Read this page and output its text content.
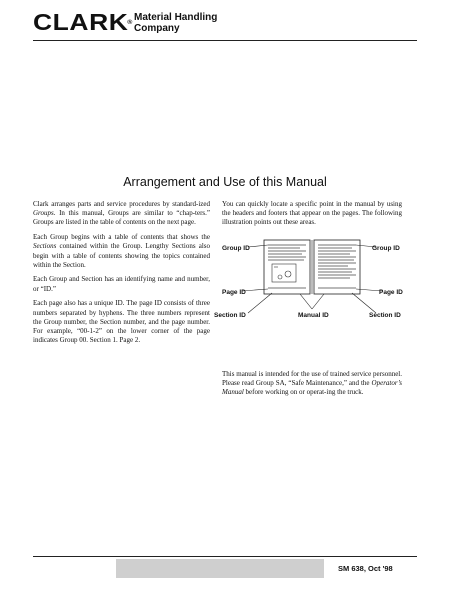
CLARK
® Material Handling
Company
Arrangement and Use of this Manual

Clark arranges parts and service procedures by standard-ized Groups. In this manual, Groups are similar to “chap-ters.” Groups are listed in the table of contents on the next page.

Each Group begins with a table of contents that shows the Sections contained within the Group. Lengthy Sections also begin with a table of contents showing the topics contained within the Section.

Each Group and Section has an identifying name and number, or “ID.”

Each page also has a unique ID. The page ID consists of three numbers separated by hyphens. The three numbers represent the Group number, the Section number, and the page number. For example, “00-1-2” on the lower corner of the page indicates Group 00. Section 1. Page 2.

You can quickly locate a specific point in the manual by using the headers and footers that appear on the pages. The following illustration points out these areas.

Group ID	Group ID
Page ID	Page ID
Section ID	Manual ID	Section ID

This manual is intended for the use of trained service personnel. Please read Group SA, “Safe Maintenance,” and the Operator’s Manual before working on or operat-ing the truck.

SM 638, Oct '98
